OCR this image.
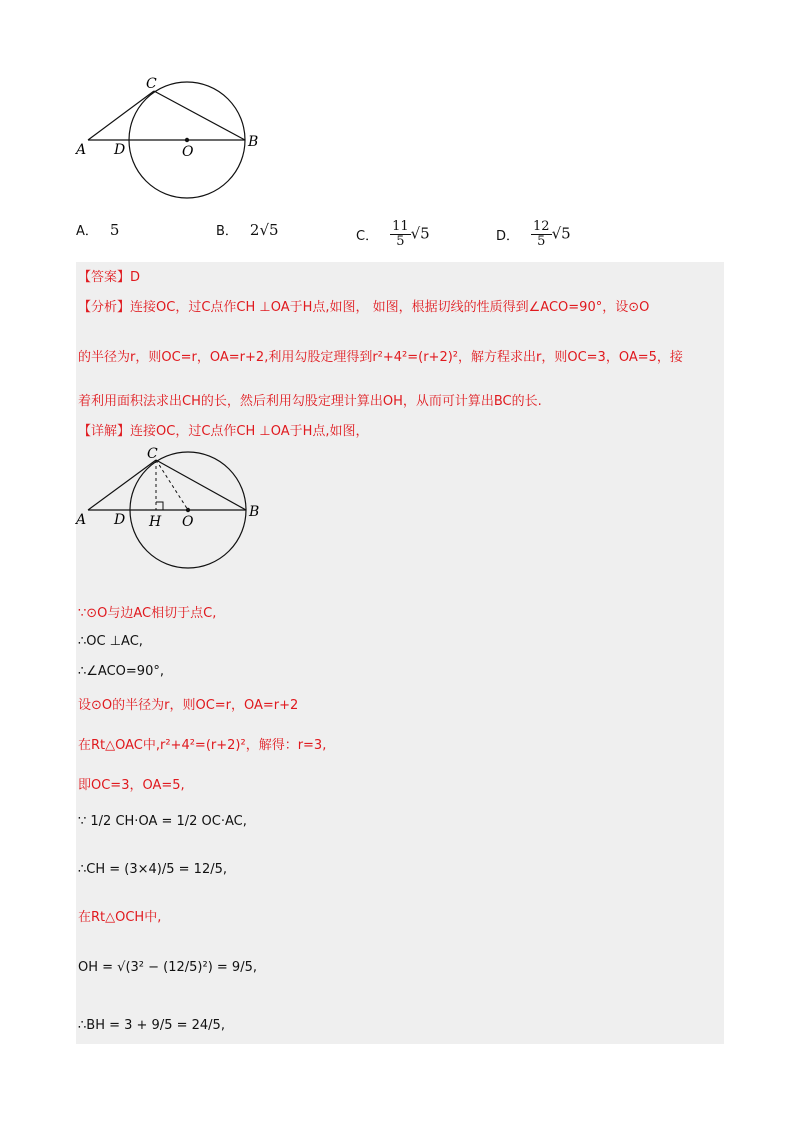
C
A D	O
B
A． 5	B． 2√5	C． $\frac{11}{5} √5$	D． $\frac{12}{5} √5$
【答案】D
【分析】连接OC，过C点作CH ⊥OA于H点,如图， 如图，根据切线的性质得到∠ACO=90°，设⊙O
的半径为r，则OC=r，OA=r+2,利用勾股定理得到r²+4²=(r+2)²，解方程求出r，则OC=3，OA=5，接
着利用面积法求出CH的长，然后利用勾股定理计算出OH，从而可计算出BC的长.
【详解】连接OC，过C点作CH ⊥OA于H点,如图，
C
A D H O
B
∵⊙O与边AC相切于点C,
∴OC ⊥AC,
∴∠ACO=90°,
设⊙O的半径为r，则OC=r，OA=r+2
在Rt△OAC中,r²+4²=(r+2)²，解得：r=3,
即OC=3，OA=5,
∵ 1/2 CH·OA = 1/2 OC·AC,
∴CH = (3×4)/5 = 12/5,
在Rt△OCH中,
OH = √(3² − (12/5)²) = 9/5,
∴BH = 3 + 9/5 = 24/5,
